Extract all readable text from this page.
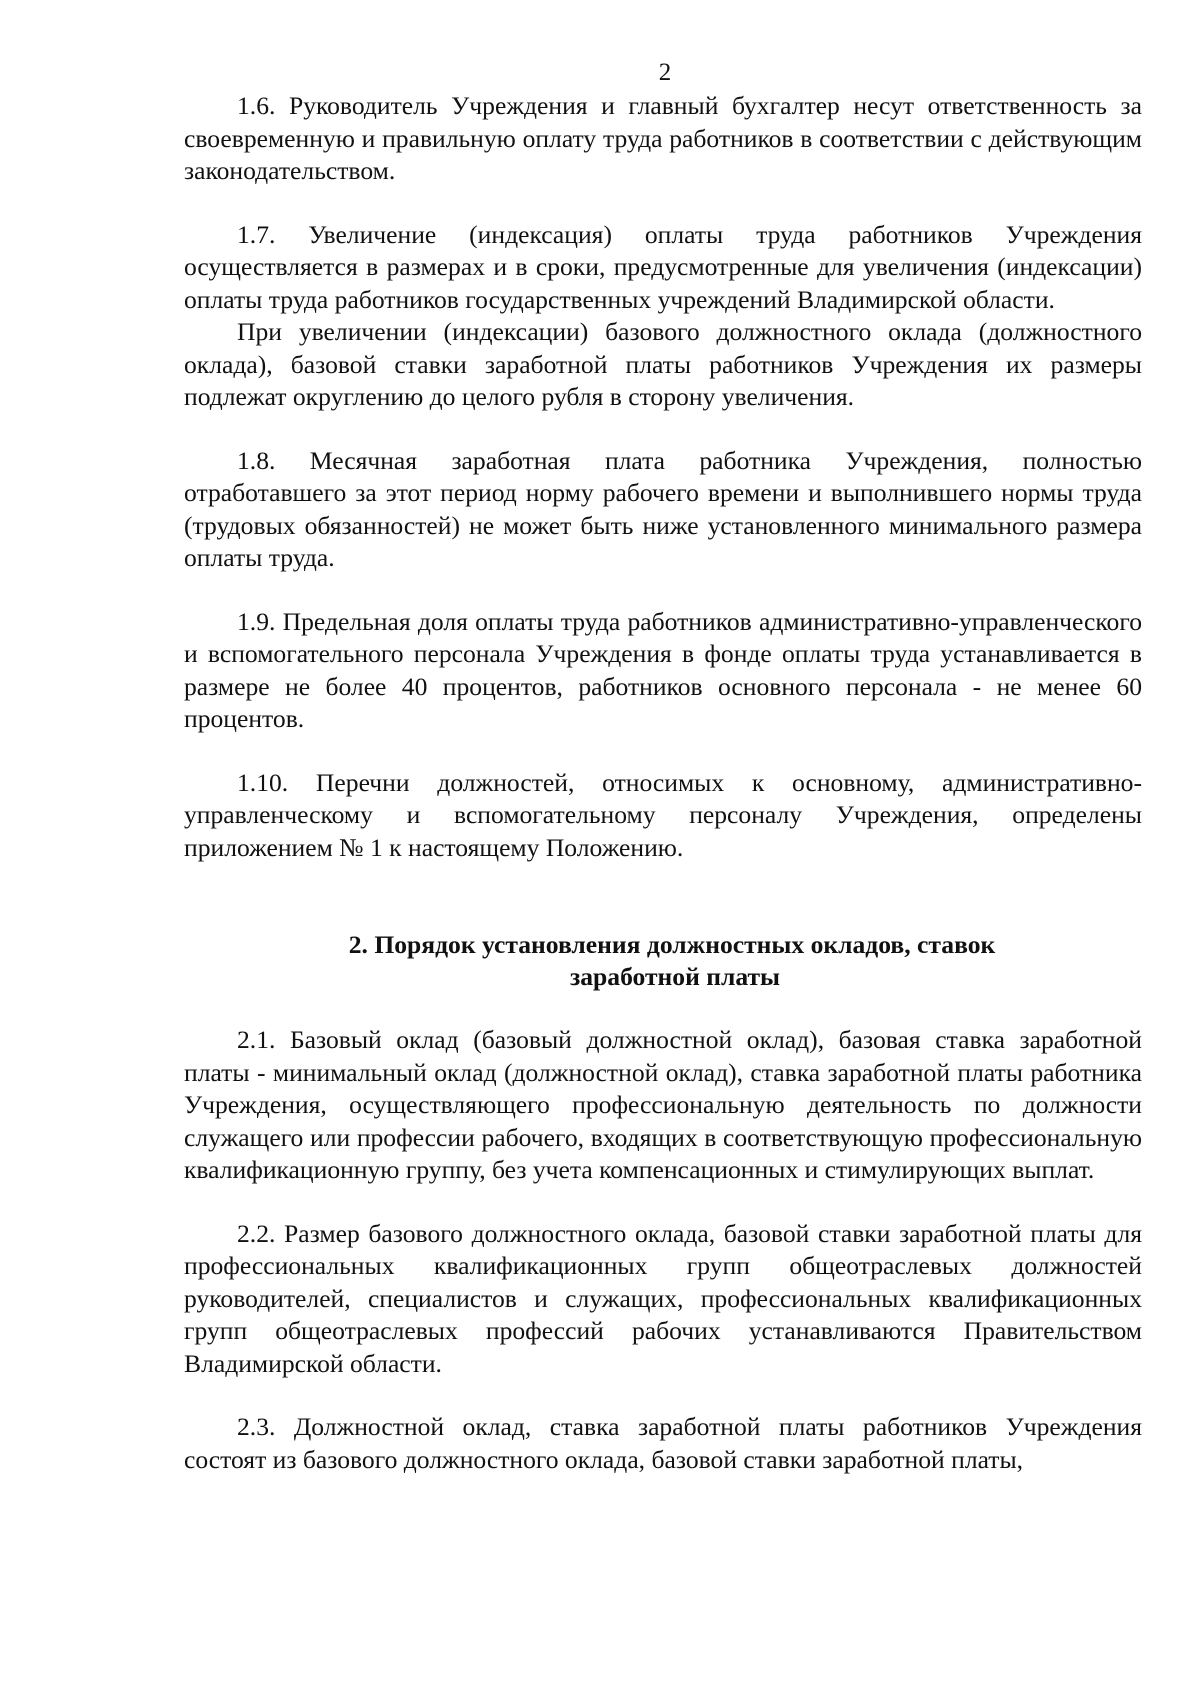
2

1.6. Руководитель Учреждения и главный бухгалтер несут ответственность за своевременную и правильную оплату труда работников в соответствии с действующим законодательством.

1.7. Увеличение (индексация) оплаты труда работников Учреждения осуществляется в размерах и в сроки, предусмотренные для увеличения (индексации) оплаты труда работников государственных учреждений Владимирской области.

При увеличении (индексации) базового должностного оклада (должностного оклада), базовой ставки заработной платы работников Учреждения их размеры подлежат округлению до целого рубля в сторону увеличения.

1.8. Месячная заработная плата работника Учреждения, полностью отработавшего за этот период норму рабочего времени и выполнившего нормы труда (трудовых обязанностей) не может быть ниже установленного минимального размера оплаты труда.

1.9. Предельная доля оплаты труда работников административно-управленческого и вспомогательного персонала Учреждения в фонде оплаты труда устанавливается в размере не более 40 процентов, работников основного персонала - не менее 60 процентов.

1.10. Перечни должностей, относимых к основному, административно-управленческому и вспомогательному персоналу Учреждения, определены приложением № 1 к настоящему Положению.

2. Порядок установления должностных окладов, ставок
заработной платы

2.1. Базовый оклад (базовый должностной оклад), базовая ставка заработной платы - минимальный оклад (должностной оклад), ставка заработной платы работника Учреждения, осуществляющего профессиональную деятельность по должности служащего или профессии рабочего, входящих в соответствующую профессиональную квалификационную группу, без учета компенсационных и стимулирующих выплат.

2.2. Размер базового должностного оклада, базовой ставки заработной платы для профессиональных квалификационных групп общеотраслевых должностей руководителей, специалистов и служащих, профессиональных квалификационных групп общеотраслевых профессий рабочих устанавливаются Правительством Владимирской области.

2.3. Должностной оклад, ставка заработной платы работников Учреждения состоят из базового должностного оклада, базовой ставки заработной платы,
